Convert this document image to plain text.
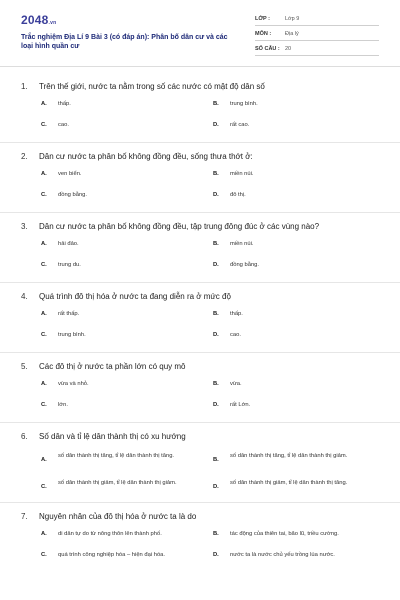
2048.vn
Trắc nghiệm Địa Lí 9 Bài 3 (có đáp án): Phân bố dân cư và các loại hình quần cư
LỚP :	Lớp 9
MÔN :	Địa lý
SỐ CÂU : 20
1. Trên thế giới, nước ta nằm trong số các nước có mật độ dân số
A. thấp.	B. trung bình.
C. cao.	D. rất cao.
2. Dân cư nước ta phân bố không đồng đều, sống thưa thớt ở:
A. ven biển.	B. miền núi.
C. đồng bằng.	D. đô thị.
3. Dân cư nước ta phân bố không đồng đều, tập trung đông đúc ở các vùng nào?
A. hải đảo.	B. miền núi.
C. trung du.	D. đồng bằng.
4. Quá trình đô thị hóa ở nước ta đang diễn ra ở mức độ
A. rất thấp.	B. thấp.
C. trung bình.	D. cao.
5. Các đô thị ở nước ta phần lớn có quy mô
A. vừa và nhỏ.	B. vừa.
C. lớn.	D. rất Lớn.
6. Số dân và tỉ lệ dân thành thị có xu hướng
A.
số dân thành thị tăng, tỉ lệ dân thành thị tăng.
B.
số dân thành thị tăng, tỉ lệ dân thành thị giảm.
C.
số dân thành thị giảm, tỉ lệ dân thành thị giảm.
D.
số dân thành thị giảm, tỉ lệ dân thành thị tăng.
7. Nguyên nhân của đô thị hóa ở nước ta là do
A. di dân tự do từ nông thôn lên thành phố.	B. tác động của thiên tai, bão lũ, triều cường.
C. quá trình công nghiệp hóa – hiện đại hóa.	D. nước ta là nước chủ yếu trồng lúa nước.
